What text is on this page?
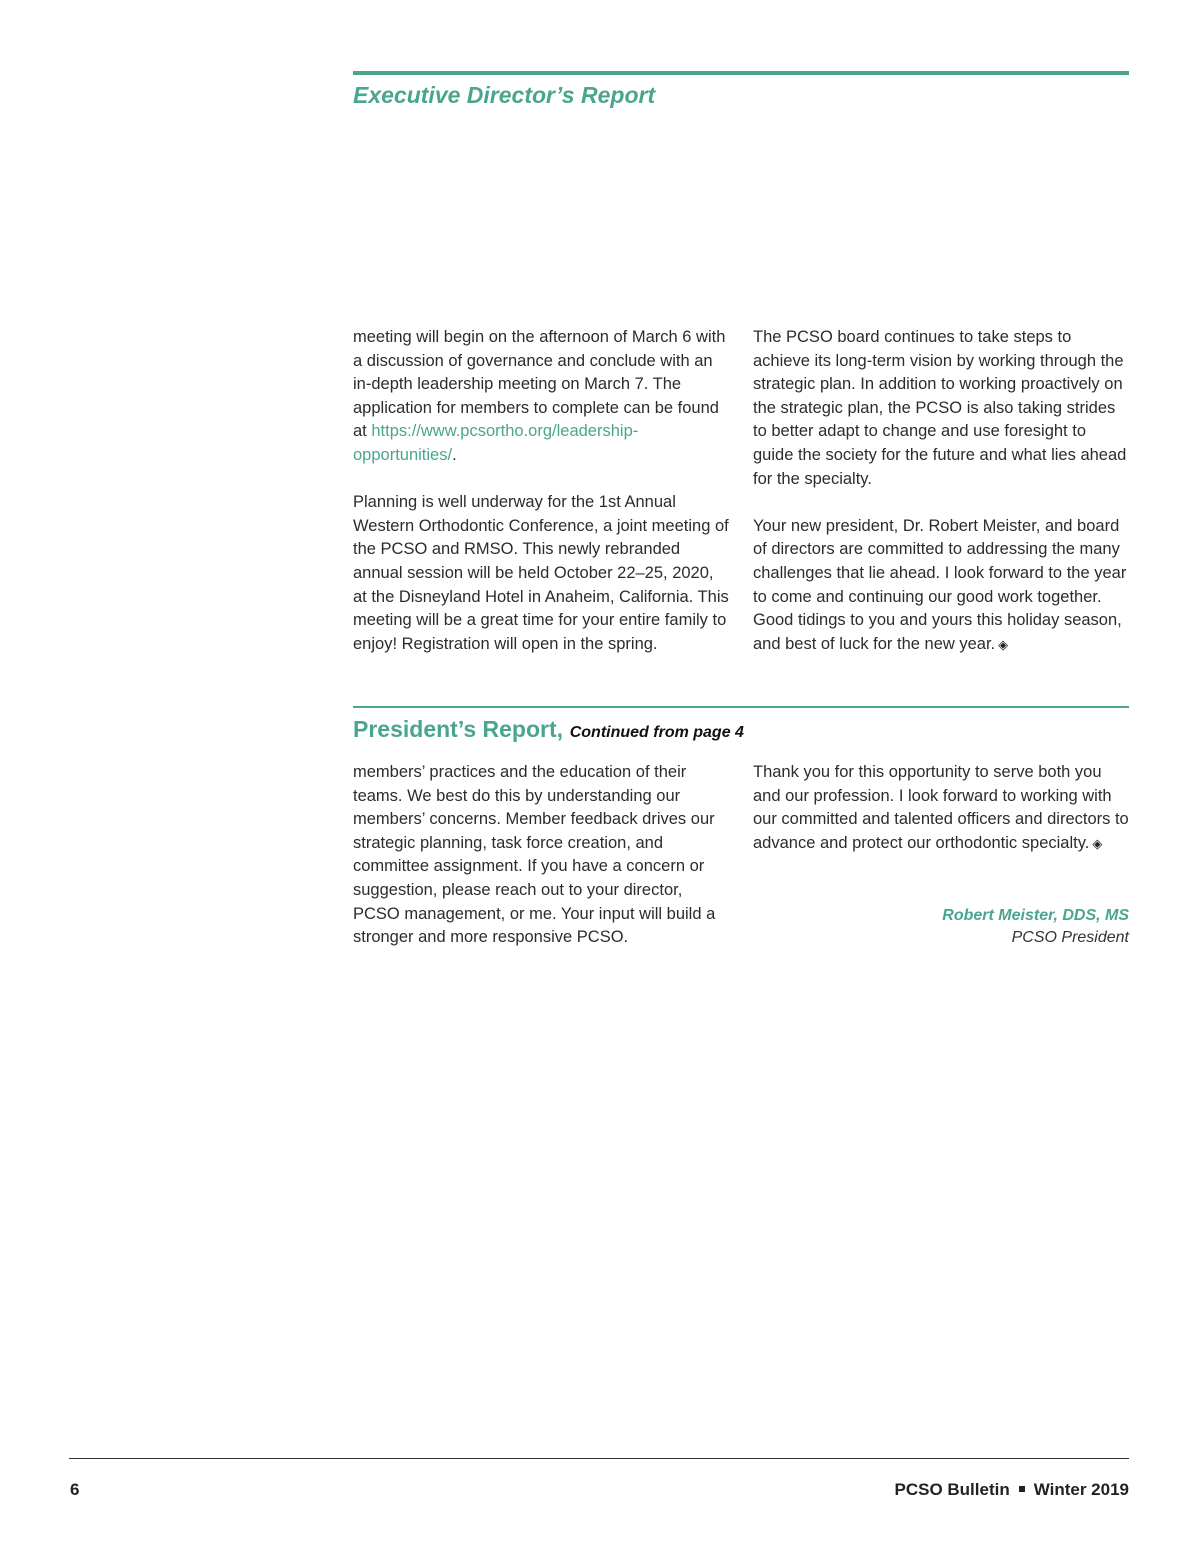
Executive Director’s Report

meeting will begin on the afternoon of March 6 with a discussion of governance and conclude with an in-depth leadership meeting on March 7. The application for members to complete can be found at https://www.pcsortho.org/leadership-opportunities/.

Planning is well underway for the 1st Annual Western Orthodontic Conference, a joint meeting of the PCSO and RMSO. This newly rebranded annual session will be held October 22–25, 2020, at the Disneyland Hotel in Anaheim, California. This meeting will be a great time for your entire family to enjoy! Registration will open in the spring.

The PCSO board continues to take steps to achieve its long-term vision by working through the strategic plan. In addition to working proactively on the strategic plan, the PCSO is also taking strides to better adapt to change and use foresight to guide the society for the future and what lies ahead for the specialty.

Your new president, Dr. Robert Meister, and board of directors are committed to addressing the many challenges that lie ahead. I look forward to the year to come and continuing our good work together. Good tidings to you and yours this holiday season, and best of luck for the new year. ◈

President’s Report, Continued from page 4

members’ practices and the education of their teams. We best do this by understanding our members’ concerns. Member feedback drives our strategic planning, task force creation, and committee assignment. If you have a concern or suggestion, please reach out to your director, PCSO management, or me. Your input will build a stronger and more responsive PCSO.

Thank you for this opportunity to serve both you and our profession. I look forward to working with our committed and talented officers and directors to advance and protect our orthodontic specialty. ◈

Robert Meister, DDS, MS
PCSO President
6	PCSO Bulletin Winter 2019
